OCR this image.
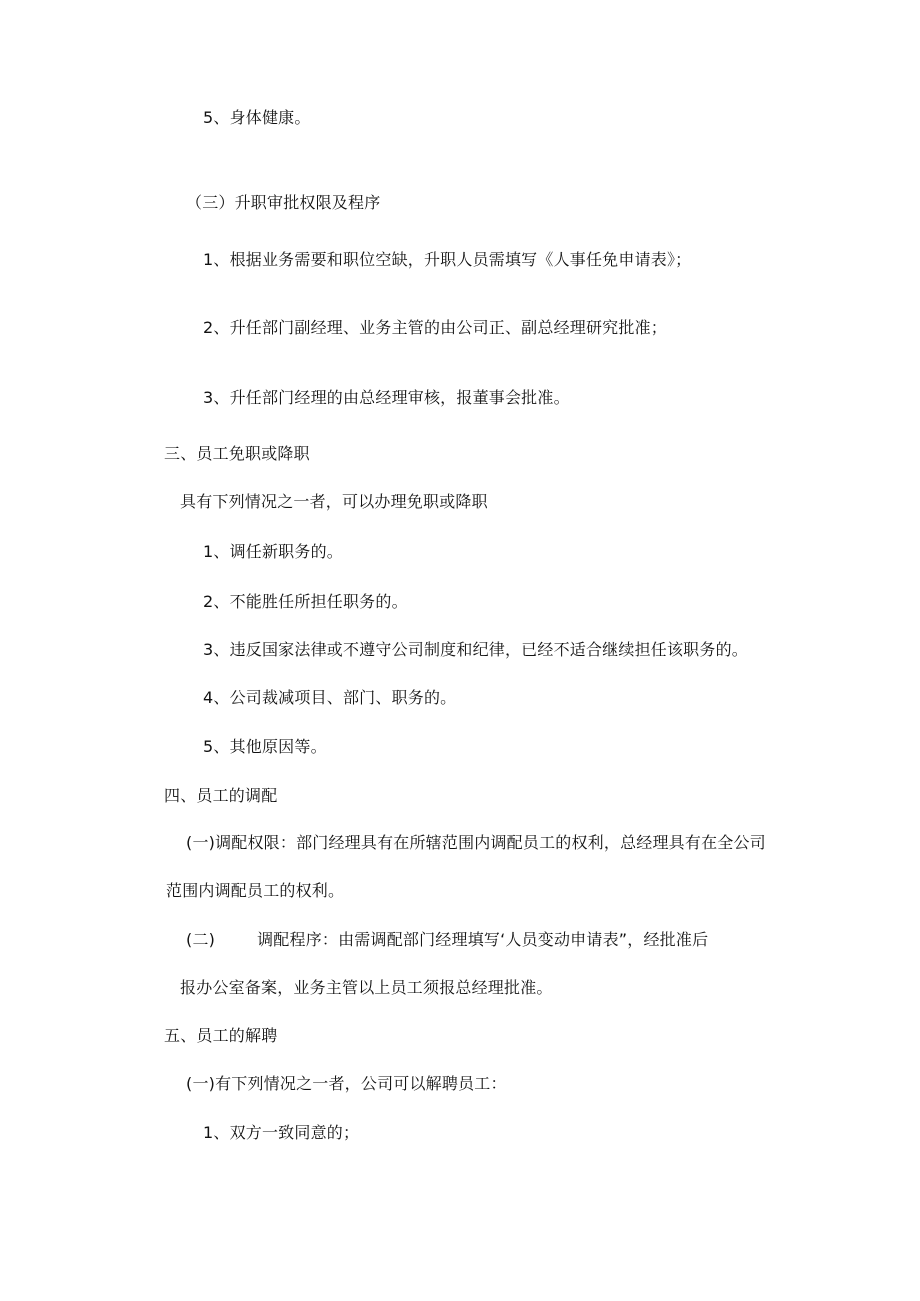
5、身体健康。
（三）升职审批权限及程序
1、根据业务需要和职位空缺，升职人员需填写《人事任免申请表》；
2、升任部门副经理、业务主管的由公司正、副总经理研究批准；
3、升任部门经理的由总经理审核，报董事会批准。
三、员工免职或降职
具有下列情况之一者，可以办理免职或降职
1、调任新职务的。
2、不能胜任所担任职务的。
3、违反国家法律或不遵守公司制度和纪律，已经不适合继续担任该职务的。
4、公司裁减项目、部门、职务的。
5、其他原因等。
四、员工的调配
(一)调配权限：部门经理具有在所辖范围内调配员工的权利，总经理具有在全公司
范围内调配员工的权利。
(二)	调配程序：由需调配部门经理填写‘人员变动申请表”，经批准后
报办公室备案，业务主管以上员工须报总经理批准。
五、员工的解聘
(一)有下列情况之一者，公司可以解聘员工：
1、双方一致同意的；
